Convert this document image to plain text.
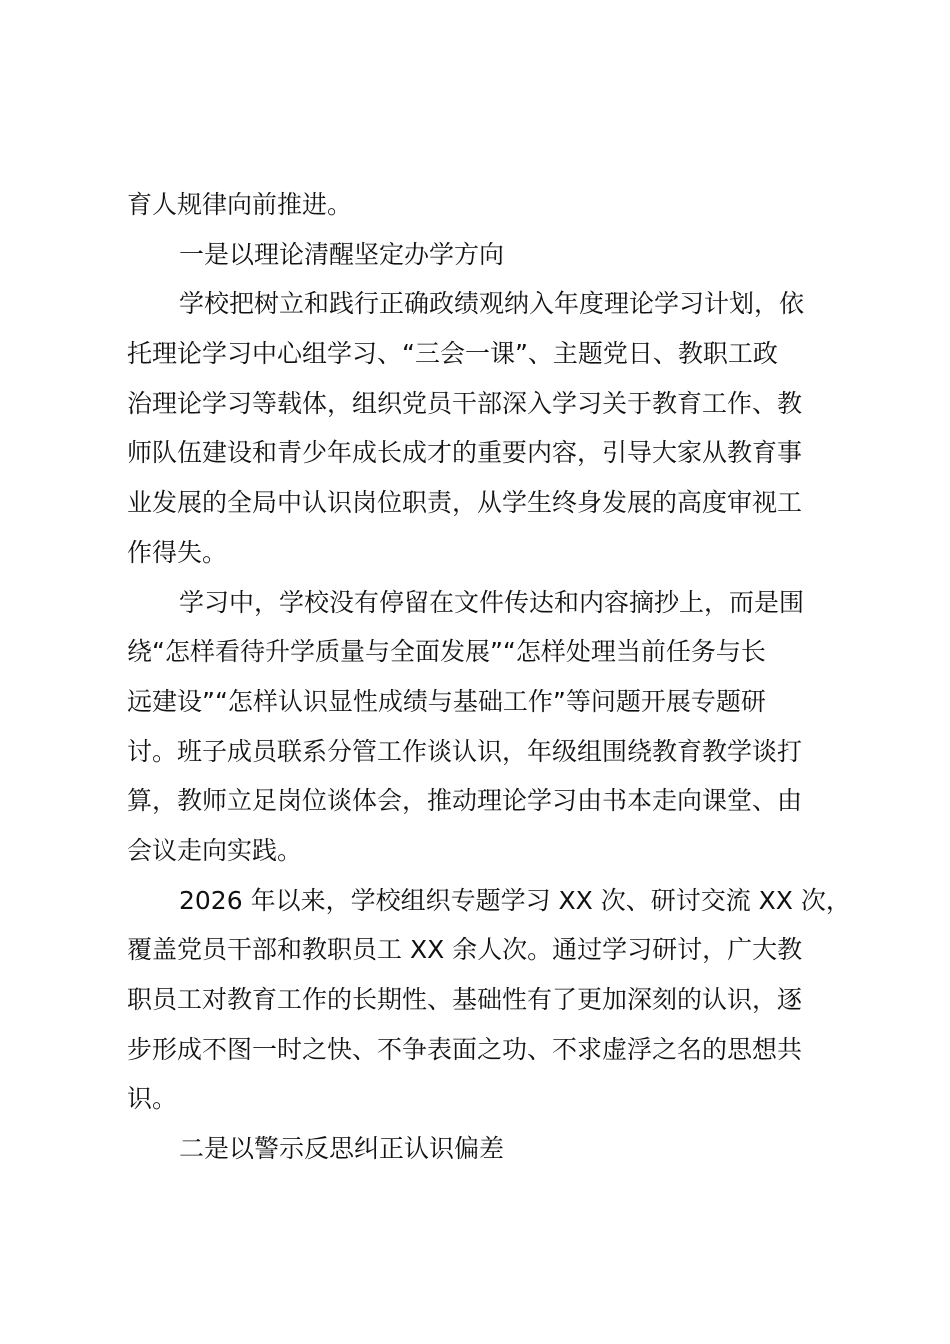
育人规律向前推进。
一是以理论清醒坚定办学方向
学校把树立和践行正确政绩观纳入年度理论学习计划，依
托理论学习中心组学习、“三会一课”、主题党日、教职工政
治理论学习等载体，组织党员干部深入学习关于教育工作、教
师队伍建设和青少年成长成才的重要内容，引导大家从教育事
业发展的全局中认识岗位职责，从学生终身发展的高度审视工
作得失。
学习中，学校没有停留在文件传达和内容摘抄上，而是围
绕“怎样看待升学质量与全面发展”“怎样处理当前任务与长
远建设”“怎样认识显性成绩与基础工作”等问题开展专题研
讨。班子成员联系分管工作谈认识，年级组围绕教育教学谈打
算，教师立足岗位谈体会，推动理论学习由书本走向课堂、由
会议走向实践。
2026 年以来，学校组织专题学习 XX 次、研讨交流 XX 次，
覆盖党员干部和教职员工 XX 余人次。通过学习研讨，广大教
职员工对教育工作的长期性、基础性有了更加深刻的认识，逐
步形成不图一时之快、不争表面之功、不求虚浮之名的思想共
识。
二是以警示反思纠正认识偏差
